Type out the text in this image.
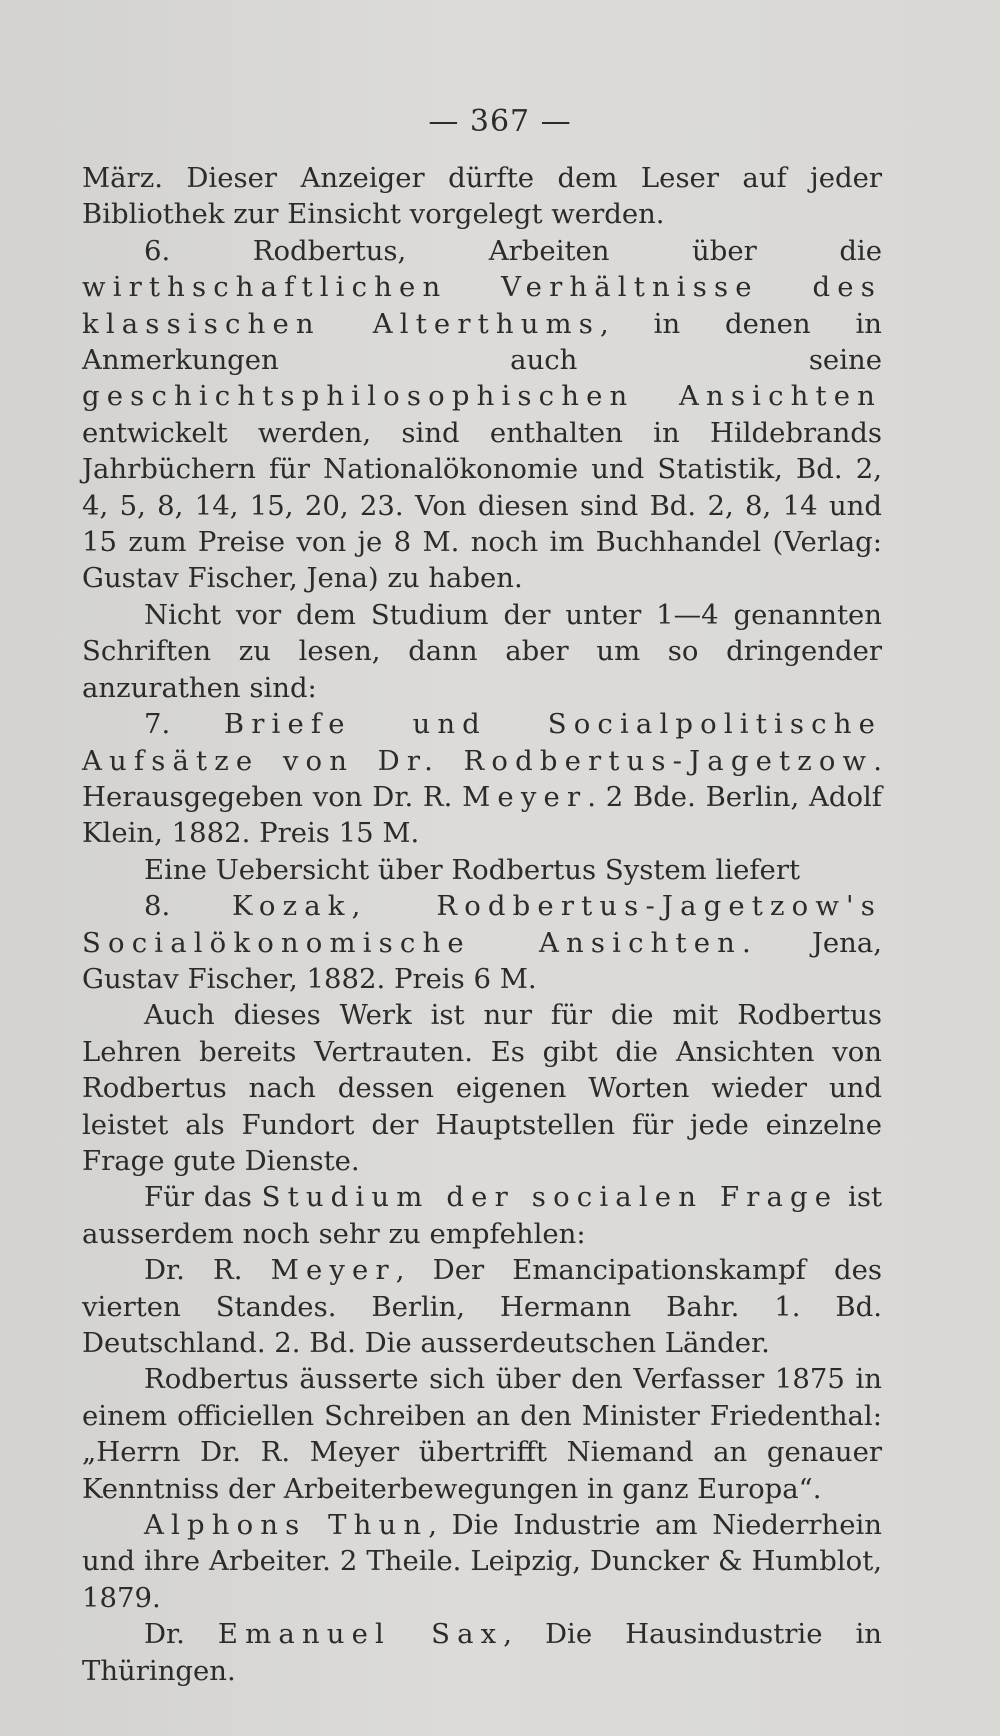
— 367 —

März. Dieser Anzeiger dürfte dem Leser auf jeder Bibliothek zur Einsicht vorgelegt werden.

6. Rodbertus, Arbeiten über die wirthschaftlichen Verhältnisse des klassischen Alterthums, in denen in Anmerkungen auch seine geschichtsphilosophischen Ansichten entwickelt werden, sind enthalten in Hildebrands Jahrbüchern für Nationalökonomie und Statistik, Bd. 2, 4, 5, 8, 14, 15, 20, 23. Von diesen sind Bd. 2, 8, 14 und 15 zum Preise von je 8 M. noch im Buchhandel (Verlag: Gustav Fischer, Jena) zu haben.

Nicht vor dem Studium der unter 1—4 genannten Schriften zu lesen, dann aber um so dringender anzurathen sind:

7. Briefe und Socialpolitische Aufsätze von Dr. Rodbertus-Jagetzow. Herausgegeben von Dr. R. Meyer. 2 Bde. Berlin, Adolf Klein, 1882. Preis 15 M.

Eine Uebersicht über Rodbertus System liefert

8. Kozak, Rodbertus-Jagetzow's Socialökonomische Ansichten. Jena, Gustav Fischer, 1882. Preis 6 M.

Auch dieses Werk ist nur für die mit Rodbertus Lehren bereits Vertrauten. Es gibt die Ansichten von Rodbertus nach dessen eigenen Worten wieder und leistet als Fundort der Hauptstellen für jede einzelne Frage gute Dienste.

Für das Studium der socialen Frage ist ausserdem noch sehr zu empfehlen:

Dr. R. Meyer, Der Emancipationskampf des vierten Standes. Berlin, Hermann Bahr. 1. Bd. Deutschland. 2. Bd. Die ausserdeutschen Länder.

Rodbertus äusserte sich über den Verfasser 1875 in einem officiellen Schreiben an den Minister Friedenthal: „Herrn Dr. R. Meyer übertrifft Niemand an genauer Kenntniss der Arbeiterbewegungen in ganz Europa“.

Alphons Thun, Die Industrie am Niederrhein und ihre Arbeiter. 2 Theile. Leipzig, Duncker & Humblot, 1879.

Dr. Emanuel Sax, Die Hausindustrie in Thüringen.
